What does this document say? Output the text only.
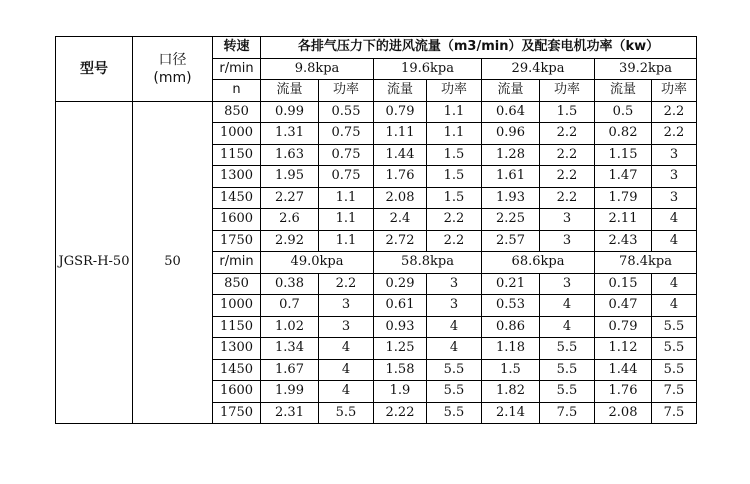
型号	口径
(mm)	转速	各排气压力下的进风流量（m3/min）及配套电机功率（kw）							
		r/min	9.8kpa		19.6kpa		29.4kpa		39.2kpa	
		n	流量	功率	流量	功率	流量	功率	流量	功率
JGSR-H-50	50	850	0.99	0.55	0.79	1.1	0.64	1.5	0.5	2.2
		1000	1.31	0.75	1.11	1.1	0.96	2.2	0.82	2.2
		1150	1.63	0.75	1.44	1.5	1.28	2.2	1.15	3
		1300	1.95	0.75	1.76	1.5	1.61	2.2	1.47	3
		1450	2.27	1.1	2.08	1.5	1.93	2.2	1.79	3
		1600	2.6	1.1	2.4	2.2	2.25	3	2.11	4
		1750	2.92	1.1	2.72	2.2	2.57	3	2.43	4
		r/min	49.0kpa		58.8kpa		68.6kpa		78.4kpa	
		850	0.38	2.2	0.29	3	0.21	3	0.15	4
		1000	0.7	3	0.61	3	0.53	4	0.47	4
		1150	1.02	3	0.93	4	0.86	4	0.79	5.5
		1300	1.34	4	1.25	4	1.18	5.5	1.12	5.5
		1450	1.67	4	1.58	5.5	1.5	5.5	1.44	5.5
		1600	1.99	4	1.9	5.5	1.82	5.5	1.76	7.5
		1750	2.31	5.5	2.22	5.5	2.14	7.5	2.08	7.5
